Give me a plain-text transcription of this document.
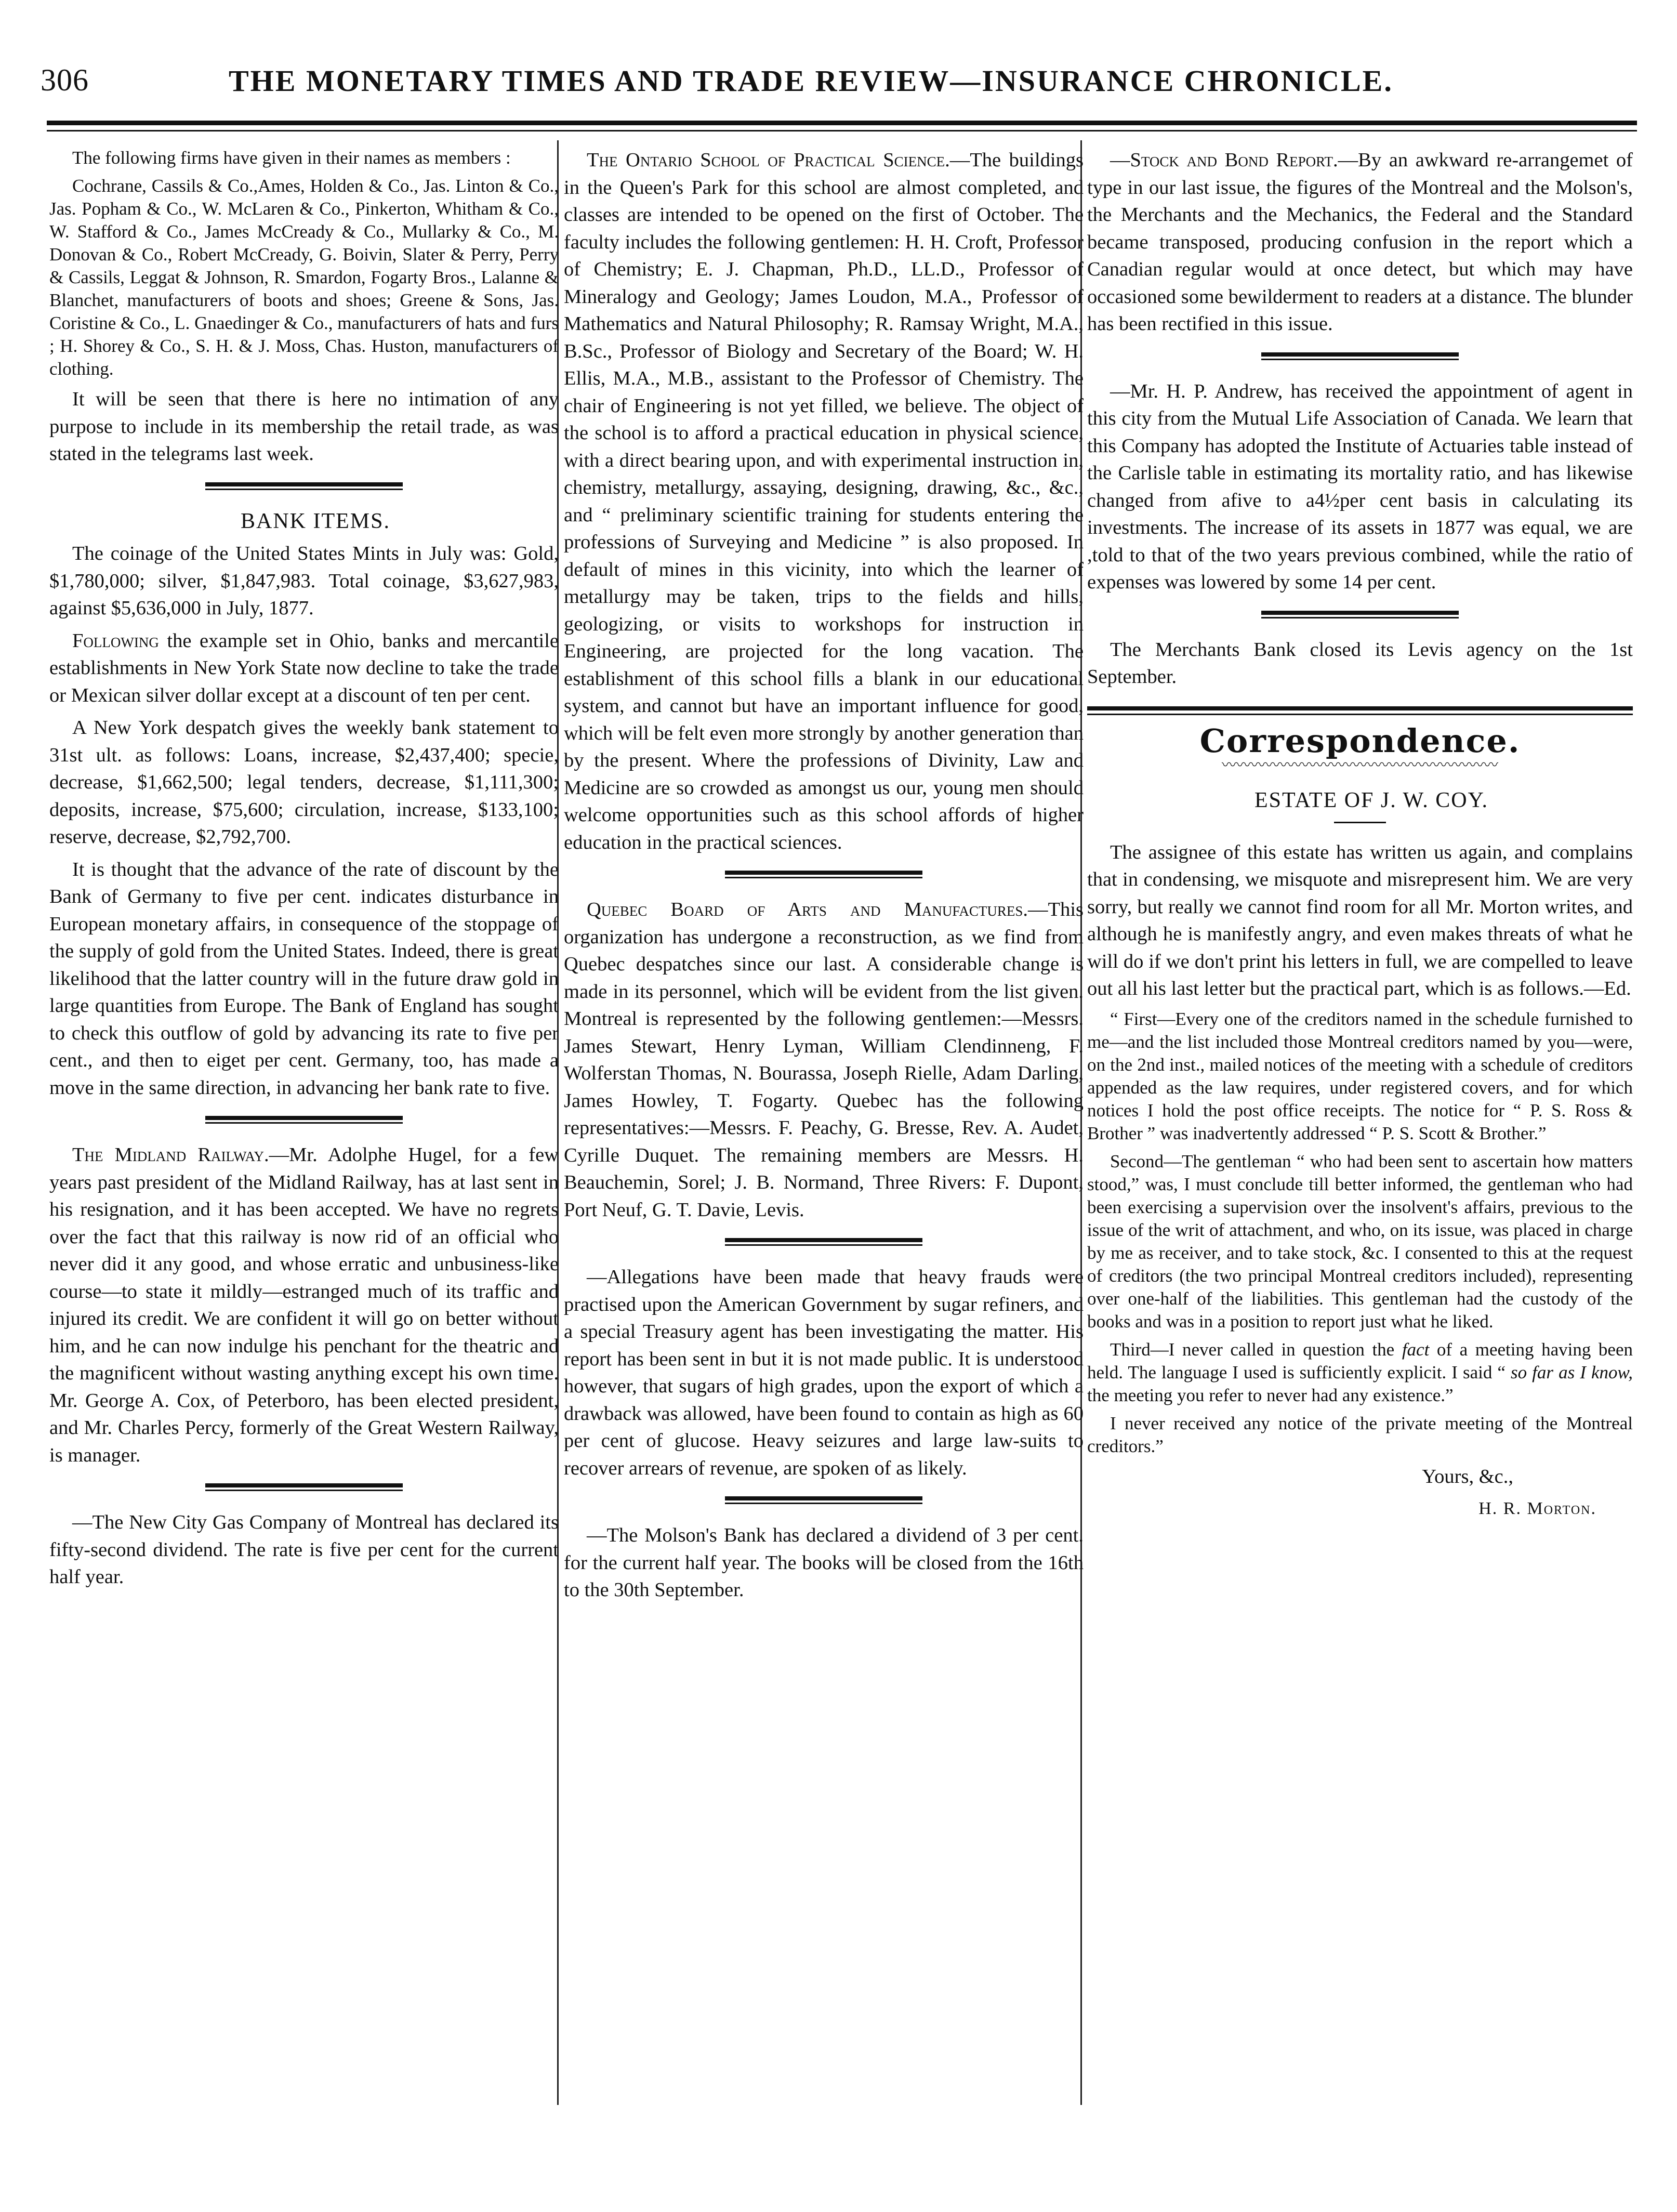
306	THE MONETARY TIMES AND TRADE REVIEW—INSURANCE CHRONICLE.

The following firms have given in their names as members :

Cochrane, Cassils & Co.,Ames, Holden & Co., Jas. Linton & Co., Jas. Popham & Co., W. McLaren & Co., Pinkerton, Whitham & Co., W. Stafford & Co., James McCready & Co., Mullarky & Co., M. Donovan & Co., Robert McCready, G. Boivin, Slater & Perry, Perry & Cassils, Leggat & Johnson, R. Smardon, Fogarty Bros., Lalanne & Blanchet, manufacturers of boots and shoes; Greene & Sons, Jas. Coristine & Co., L. Gnaedinger & Co., manufacturers of hats and furs ; H. Shorey & Co., S. H. & J. Moss, Chas. Huston, manufacturers of clothing.

It will be seen that there is here no intimation of any purpose to include in its membership the retail trade, as was stated in the telegrams last week.

BANK ITEMS.

The coinage of the United States Mints in July was: Gold, $1,780,000; silver, $1,847,983. Total coinage, $3,627,983, against $5,636,000 in July, 1877.

Following the example set in Ohio, banks and mercantile establishments in New York State now decline to take the trade or Mexican silver dollar except at a discount of ten per cent.

A New York despatch gives the weekly bank statement to 31st ult. as follows: Loans, increase, $2,437,400; specie, decrease, $1,662,500; legal tenders, decrease, $1,111,300; deposits, increase, $75,600; circulation, increase, $133,100; reserve, decrease, $2,792,700.

It is thought that the advance of the rate of discount by the Bank of Germany to five per cent. indicates disturbance in European monetary affairs, in consequence of the stoppage of the supply of gold from the United States. Indeed, there is great likelihood that the latter country will in the future draw gold in large quantities from Europe. The Bank of England has sought to check this outflow of gold by advancing its rate to five per cent., and then to eiget per cent. Germany, too, has made a move in the same direction, in advancing her bank rate to five.

The Midland Railway.—Mr. Adolphe Hugel, for a few years past president of the Midland Railway, has at last sent in his resignation, and it has been accepted. We have no regrets over the fact that this railway is now rid of an official who never did it any good, and whose erratic and unbusiness-like course—to state it mildly—estranged much of its traffic and injured its credit. We are confident it will go on better without him, and he can now indulge his penchant for the theatric and the magnificent without wasting anything except his own time. Mr. George A. Cox, of Peterboro, has been elected president, and Mr. Charles Percy, formerly of the Great Western Railway, is manager.

—The New City Gas Company of Montreal has declared its fifty-second dividend. The rate is five per cent for the current half year.

The Ontario School of Practical Science.—The buildings in the Queen's Park for this school are almost completed, and classes are intended to be opened on the first of October. The faculty includes the following gentlemen: H. H. Croft, Professor of Chemistry; E. J. Chapman, Ph.D., LL.D., Professor of Mineralogy and Geology; James Loudon, M.A., Professor of Mathematics and Natural Philosophy; R. Ramsay Wright, M.A., B.Sc., Professor of Biology and Secretary of the Board; W. H. Ellis, M.A., M.B., assistant to the Professor of Chemistry. The chair of Engineering is not yet filled, we believe. The object of the school is to afford a practical education in physical science, with a direct bearing upon, and with experimental instruction in, chemistry, metallurgy, assaying, designing, drawing, &c., &c., and “ preliminary scientific training for students entering the professions of Surveying and Medicine ” is also proposed. In default of mines in this vicinity, into which the learner of metallurgy may be taken, trips to the fields and hills, geologizing, or visits to workshops for instruction in Engineering, are projected for the long vacation. The establishment of this school fills a blank in our educational system, and cannot but have an important influence for good, which will be felt even more strongly by another generation than by the present. Where the professions of Divinity, Law and Medicine are so crowded as amongst us our, young men should welcome opportunities such as this school affords of higher education in the practical sciences.

Quebec Board of Arts and Manufactures.—This organization has undergone a reconstruction, as we find from Quebec despatches since our last. A considerable change is made in its personnel, which will be evident from the list given. Montreal is represented by the following gentlemen:—Messrs. James Stewart, Henry Lyman, William Clendinneng, F. Wolferstan Thomas, N. Bourassa, Joseph Rielle, Adam Darling, James Howley, T. Fogarty. Quebec has the following representatives:—Messrs. F. Peachy, G. Bresse, Rev. A. Audet, Cyrille Duquet. The remaining members are Messrs. H. Beauchemin, Sorel; J. B. Normand, Three Rivers: F. Dupont, Port Neuf, G. T. Davie, Levis.

—Allegations have been made that heavy frauds were practised upon the American Government by sugar refiners, and a special Treasury agent has been investigating the matter. His report has been sent in but it is not made public. It is understood however, that sugars of high grades, upon the export of which a drawback was allowed, have been found to contain as high as 60 per cent of glucose. Heavy seizures and large law-suits to recover arrears of revenue, are spoken of as likely.

—The Molson's Bank has declared a dividend of 3 per cent. for the current half year. The books will be closed from the 16th to the 30th September.

—Stock and Bond Report.—By an awkward re-arrangemet of type in our last issue, the figures of the Montreal and the Molson's, the Merchants and the Mechanics, the Federal and the Standard became transposed, producing confusion in the report which a Canadian regular would at once detect, but which may have occasioned some bewilderment to readers at a distance. The blunder has been rectified in this issue.

—Mr. H. P. Andrew, has received the appointment of agent in this city from the Mutual Life Association of Canada. We learn that this Company has adopted the Institute of Actuaries table instead of the Carlisle table in estimating its mortality ratio, and has likewise changed from afive to a4½per cent basis in calculating its investments. The increase of its assets in 1877 was equal, we are ,told to that of the two years previous combined, while the ratio of expenses was lowered by some 14 per cent.

The Merchants Bank closed its Levis agency on the 1st September.

Correspondence.
〰〰〰〰〰〰〰〰〰〰〰〰〰〰〰〰〰〰〰

ESTATE OF J. W. COY.

The assignee of this estate has written us again, and complains that in condensing, we misquote and misrepresent him. We are very sorry, but really we cannot find room for all Mr. Morton writes, and although he is manifestly angry, and even makes threats of what he will do if we don't print his letters in full, we are compelled to leave out all his last letter but the practical part, which is as follows.—Ed.

“ First—Every one of the creditors named in the schedule furnished to me—and the list included those Montreal creditors named by you—were, on the 2nd inst., mailed notices of the meeting with a schedule of creditors appended as the law requires, under registered covers, and for which notices I hold the post office receipts. The notice for “ P. S. Ross & Brother ” was inadvertently addressed “ P. S. Scott & Brother.”

Second—The gentleman “ who had been sent to ascertain how matters stood,” was, I must conclude till better informed, the gentleman who had been exercising a supervision over the insolvent's affairs, previous to the issue of the writ of attachment, and who, on its issue, was placed in charge by me as receiver, and to take stock, &c. I consented to this at the request of creditors (the two principal Montreal creditors included), representing over one-half of the liabilities. This gentleman had the custody of the books and was in a position to report just what he liked.

Third—I never called in question the fact of a meeting having been held. The language I used is sufficiently explicit. I said “ so far as I know, the meeting you refer to never had any existence.”

I never received any notice of the private meeting of the Montreal creditors.”

Yours, &c.,

H. R. Morton.
